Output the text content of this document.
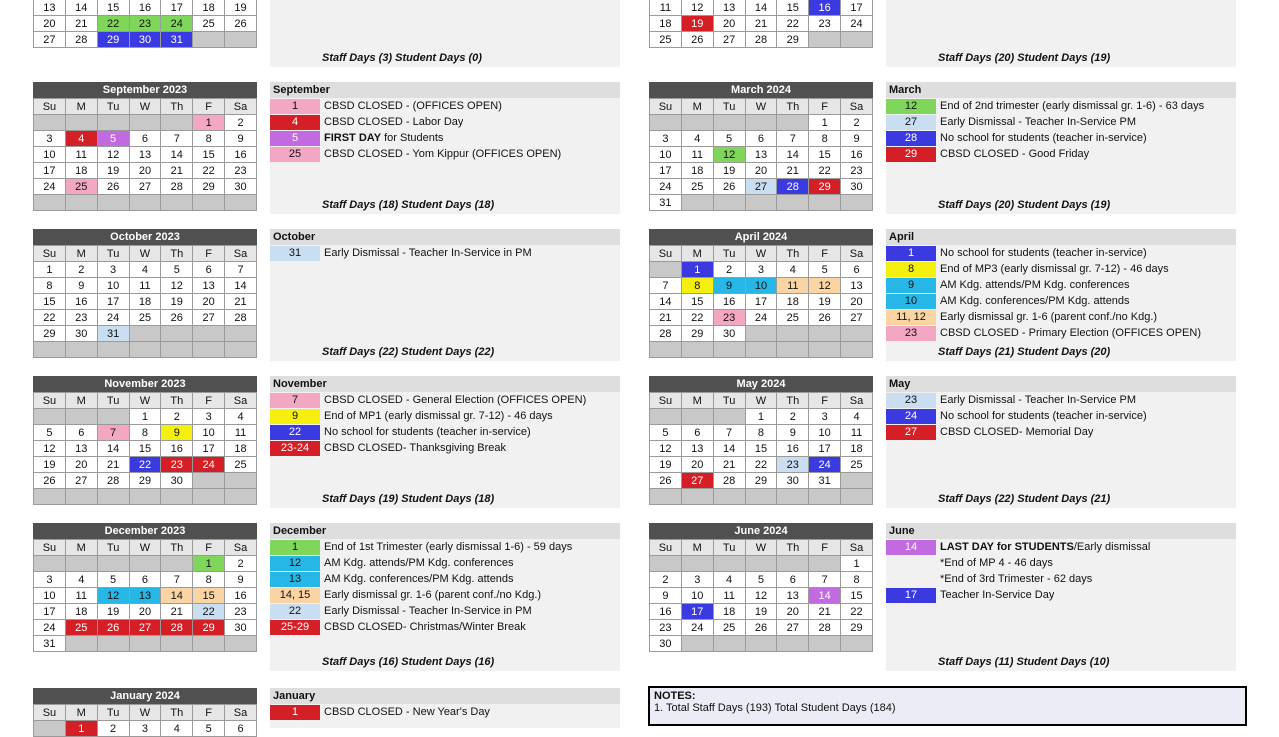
13	14	15	16	17	18	19
20	21	22	23	24	25	26
27	28	29	30	31		

11	12	13	14	15	16	17
18	19	20	21	22	23	24
25	26	27	28	29		
September 2023
Su	M	Tu	W	Th	F	Sa
					1	2
3	4	5	6	7	8	9
10	11	12	13	14	15	16
17	18	19	20	21	22	23
24	25	26	27	28	29	30

March 2024
Su	M	Tu	W	Th	F	Sa
					1	2
3	4	5	6	7	8	9
10	11	12	13	14	15	16
17	18	19	20	21	22	23
24	25	26	27	28	29	30
31						
October 2023
Su	M	Tu	W	Th	F	Sa
1	2	3	4	5	6	7
8	9	10	11	12	13	14
15	16	17	18	19	20	21
22	23	24	25	26	27	28
29	30	31				

April 2024
Su	M	Tu	W	Th	F	Sa
	1	2	3	4	5	6
7	8	9	10	11	12	13
14	15	16	17	18	19	20
21	22	23	24	25	26	27
28	29	30				

November 2023
Su	M	Tu	W	Th	F	Sa
			1	2	3	4
5	6	7	8	9	10	11
12	13	14	15	16	17	18
19	20	21	22	23	24	25
26	27	28	29	30		

May 2024
Su	M	Tu	W	Th	F	Sa
			1	2	3	4
5	6	7	8	9	10	11
12	13	14	15	16	17	18
19	20	21	22	23	24	25
26	27	28	29	30	31	

December 2023
Su	M	Tu	W	Th	F	Sa
					1	2
3	4	5	6	7	8	9
10	11	12	13	14	15	16
17	18	19	20	21	22	23
24	25	26	27	28	29	30
31						
June 2024
Su	M	Tu	W	Th	F	Sa
						1
2	3	4	5	6	7	8
9	10	11	12	13	14	15
16	17	18	19	20	21	22
23	24	25	26	27	28	29
30						
January 2024
Su	M	Tu	W	Th	F	Sa
	1	2	3	4	5	6
Staff Days (3) Student Days (0)	Staff Days (20) Student Days (19)
September
1	CBSD CLOSED - (OFFICES OPEN)
4	CBSD CLOSED - Labor Day
5	FIRST DAY for Students
25	CBSD CLOSED - Yom Kippur (OFFICES OPEN)
Staff Days (18) Student Days (18)
March
12	End of 2nd trimester (early dismissal gr. 1-6) - 63 days
27	Early Dismissal - Teacher In-Service PM
28	No school for students (teacher in-service)
29	CBSD CLOSED - Good Friday
Staff Days (20) Student Days (19)
October
31	Early Dismissal - Teacher In-Service in PM
Staff Days (22) Student Days (22)
April
1	No school for students (teacher in-service)
8	End of MP3 (early dismissal gr. 7-12) - 46 days
9	AM Kdg. attends/PM Kdg. conferences
10	AM Kdg. conferences/PM Kdg. attends
11, 12	Early dismissal gr. 1-6 (parent conf./no Kdg.)
23	CBSD CLOSED - Primary Election (OFFICES OPEN)
Staff Days (21) Student Days (20)
November
7	CBSD CLOSED - General Election (OFFICES OPEN)
9	End of MP1 (early dismissal gr. 7-12) - 46 days
22	No school for students (teacher in-service)
23-24	CBSD CLOSED- Thanksgiving Break
Staff Days (19) Student Days (18)
May
23	Early Dismissal - Teacher In-Service PM
24	No school for students (teacher in-service)
27	CBSD CLOSED- Memorial Day
Staff Days (22) Student Days (21)
December
1	End of 1st Trimester (early dismissal 1-6) - 59 days
12	AM Kdg. attends/PM Kdg. conferences
13	AM Kdg. conferences/PM Kdg. attends
14, 15	Early dismissal gr. 1-6 (parent conf./no Kdg.)
22	Early Dismissal - Teacher In-Service in PM
25-29	CBSD CLOSED- Christmas/Winter Break
Staff Days (16) Student Days (16)
June
14	LAST DAY for STUDENTS/Early dismissal
*End of MP 4 - 46 days
*End of 3rd Trimester - 62 days
17	Teacher In-Service Day
Staff Days (11) Student Days (10)
January
1	CBSD CLOSED - New Year's Day
NOTES:
1. Total Staff Days (193) Total Student Days (184)
